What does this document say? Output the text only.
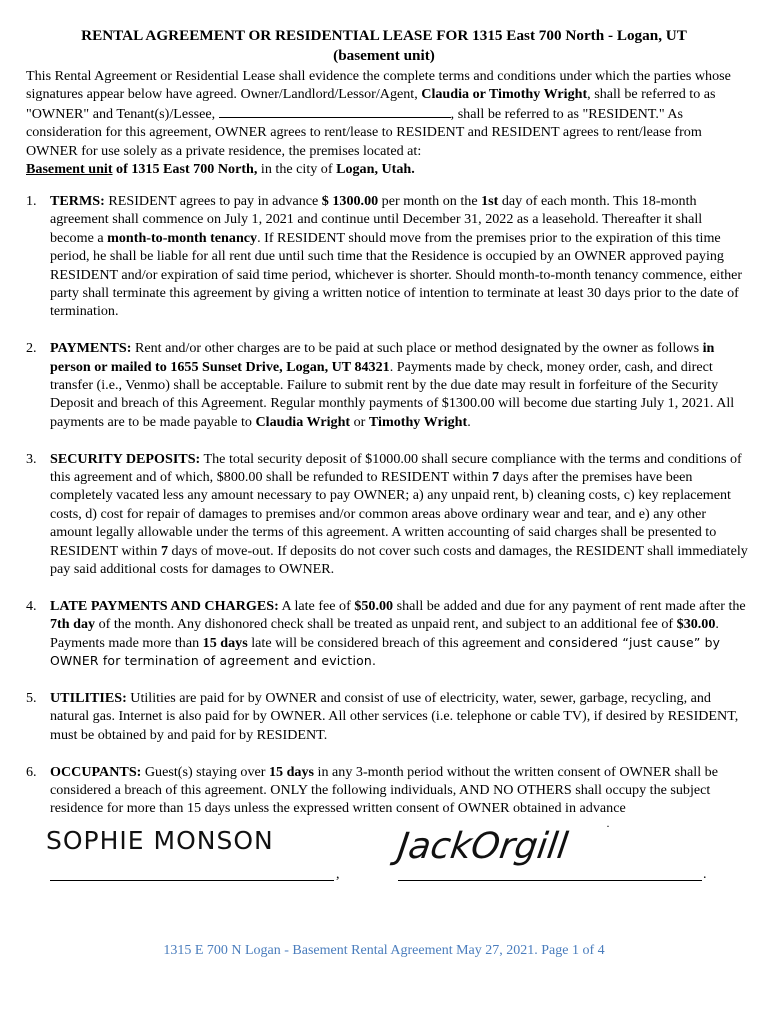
RENTAL AGREEMENT OR RESIDENTIAL LEASE FOR 1315 East 700 North - Logan, UT
(basement unit)
This Rental Agreement or Residential Lease shall evidence the complete terms and conditions under which the parties whose signatures appear below have agreed. Owner/Landlord/Lessor/Agent, Claudia or Timothy Wright, shall be referred to as "OWNER" and Tenant(s)/Lessee,	, shall be referred to as "RESIDENT." As consideration for this agreement, OWNER agrees to rent/lease to RESIDENT and RESIDENT agrees to rent/lease from OWNER for use solely as a private residence, the premises located at:
Basement unit of 1315 East 700 North, in the city of Logan, Utah.
1. TERMS: RESIDENT agrees to pay in advance $ 1300.00 per month on the 1st day of each month. This 18-month agreement shall commence on July 1, 2021 and continue until December 31, 2022 as a leasehold. Thereafter it shall become a month-to-month tenancy. If RESIDENT should move from the premises prior to the expiration of this time period, he shall be liable for all rent due until such time that the Residence is occupied by an OWNER approved paying RESIDENT and/or expiration of said time period, whichever is shorter. Should month-to-month tenancy commence, either party shall terminate this agreement by giving a written notice of intention to terminate at least 30 days prior to the date of termination.
2. PAYMENTS: Rent and/or other charges are to be paid at such place or method designated by the owner as follows in person or mailed to 1655 Sunset Drive, Logan, UT 84321. Payments made by check, money order, cash, and direct transfer (i.e., Venmo) shall be acceptable. Failure to submit rent by the due date may result in forfeiture of the Security Deposit and breach of this Agreement. Regular monthly payments of $1300.00 will become due starting July 1, 2021. All payments are to be made payable to Claudia Wright or Timothy Wright.
3. SECURITY DEPOSITS: The total security deposit of $1000.00 shall secure compliance with the terms and conditions of this agreement and of which, $800.00 shall be refunded to RESIDENT within 7 days after the premises have been completely vacated less any amount necessary to pay OWNER; a) any unpaid rent, b) cleaning costs, c) key replacement costs, d) cost for repair of damages to premises and/or common areas above ordinary wear and tear, and e) any other amount legally allowable under the terms of this agreement. A written accounting of said charges shall be presented to RESIDENT within 7 days of move-out. If deposits do not cover such costs and damages, the RESIDENT shall immediately pay said additional costs for damages to OWNER.
4. LATE PAYMENTS AND CHARGES: A late fee of $50.00 shall be added and due for any payment of rent made after the 7th day of the month. Any dishonored check shall be treated as unpaid rent, and subject to an additional fee of $30.00. Payments made more than 15 days late will be considered breach of this agreement and considered “just cause” by OWNER for termination of agreement and eviction.
5. UTILITIES: Utilities are paid for by OWNER and consist of use of electricity, water, sewer, garbage, recycling, and natural gas. Internet is also paid for by OWNER. All other services (i.e. telephone or cable TV), if desired by RESIDENT, must be obtained by and paid for by RESIDENT.
6. OCCUPANTS: Guest(s) staying over 15 days in any 3-month period without the written consent of OWNER shall be considered a breach of this agreement. ONLY the following individuals, AND NO OTHERS shall occupy the subject residence for more than 15 days unless the expressed written consent of OWNER obtained in advance
·
SOPHIE MONSON
,
JackOrgill
.
1315 E 700 N Logan - Basement Rental Agreement May 27, 2021. Page 1 of 4
